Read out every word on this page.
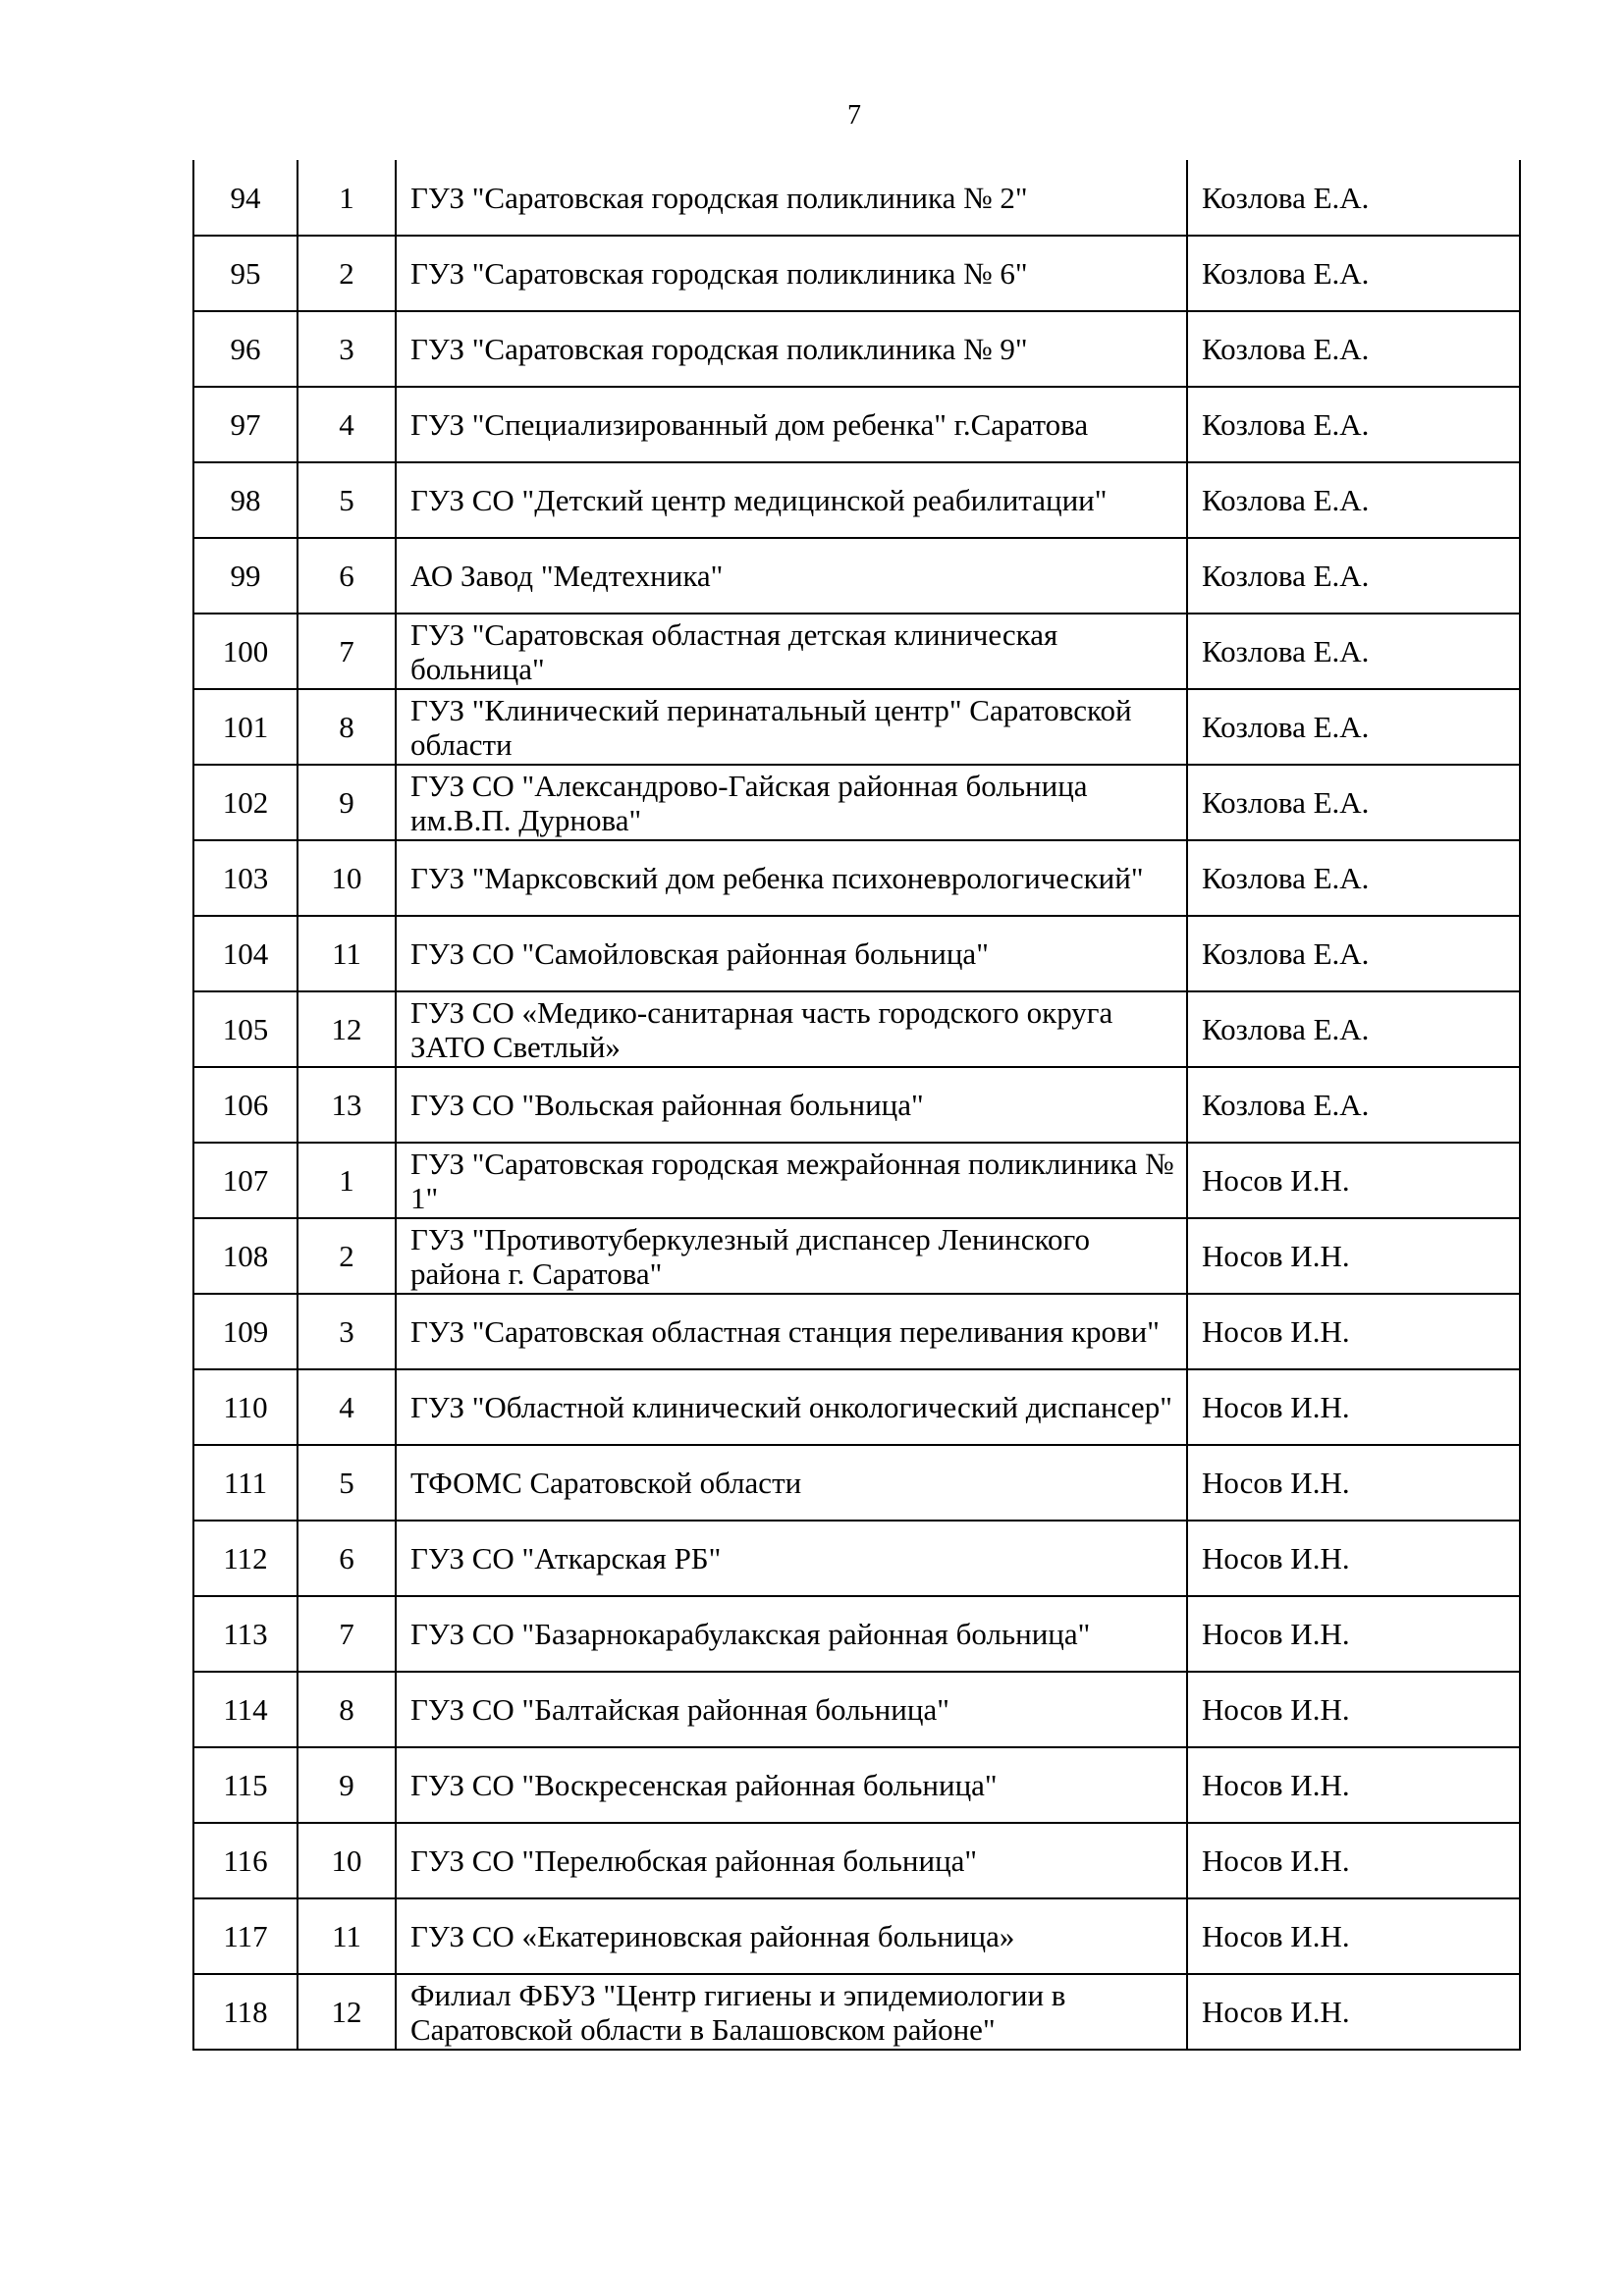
7
94	1	ГУЗ "Саратовская городская поликлиника № 2"	Козлова Е.А.
95	2	ГУЗ "Саратовская городская поликлиника № 6"	Козлова Е.А.
96	3	ГУЗ "Саратовская городская поликлиника № 9"	Козлова Е.А.
97	4	ГУЗ "Специализированный дом ребенка" г.Саратова	Козлова Е.А.
98	5	ГУЗ СО "Детский центр медицинской реабилитации"	Козлова Е.А.
99	6	АО Завод "Медтехника"	Козлова Е.А.
100	7	ГУЗ "Саратовская областная детская клиническая больница"	Козлова Е.А.
101	8	ГУЗ "Клинический перинатальный центр" Саратовской области	Козлова Е.А.
102	9	ГУЗ СО "Александрово-Гайская районная больница им.В.П. Дурнова"	Козлова Е.А.
103	10	ГУЗ "Марксовский дом ребенка психоневрологический"	Козлова Е.А.
104	11	ГУЗ СО "Самойловская районная больница"	Козлова Е.А.
105	12	ГУЗ СО «Медико-санитарная часть городского округа ЗАТО Светлый»	Козлова Е.А.
106	13	ГУЗ СО "Вольская районная больница"	Козлова Е.А.
107	1	ГУЗ "Саратовская городская межрайонная поликлиника № 1"	Носов И.Н.
108	2	ГУЗ "Противотуберкулезный диспансер Ленинского района г. Саратова"	Носов И.Н.
109	3	ГУЗ "Саратовская областная станция переливания крови"	Носов И.Н.
110	4	ГУЗ "Областной клинический онкологический диспансер"	Носов И.Н.
111	5	ТФОМС Саратовской области	Носов И.Н.
112	6	ГУЗ СО "Аткарская РБ"	Носов И.Н.
113	7	ГУЗ СО "Базарнокарабулакская районная больница"	Носов И.Н.
114	8	ГУЗ СО "Балтайская районная больница"	Носов И.Н.
115	9	ГУЗ СО "Воскресенская районная больница"	Носов И.Н.
116	10	ГУЗ СО "Перелюбская районная больница"	Носов И.Н.
117	11	ГУЗ СО «Екатериновская районная больница»	Носов И.Н.
118	12	Филиал ФБУЗ "Центр гигиены и эпидемиологии в Саратовской области в Балашовском районе"	Носов И.Н.
